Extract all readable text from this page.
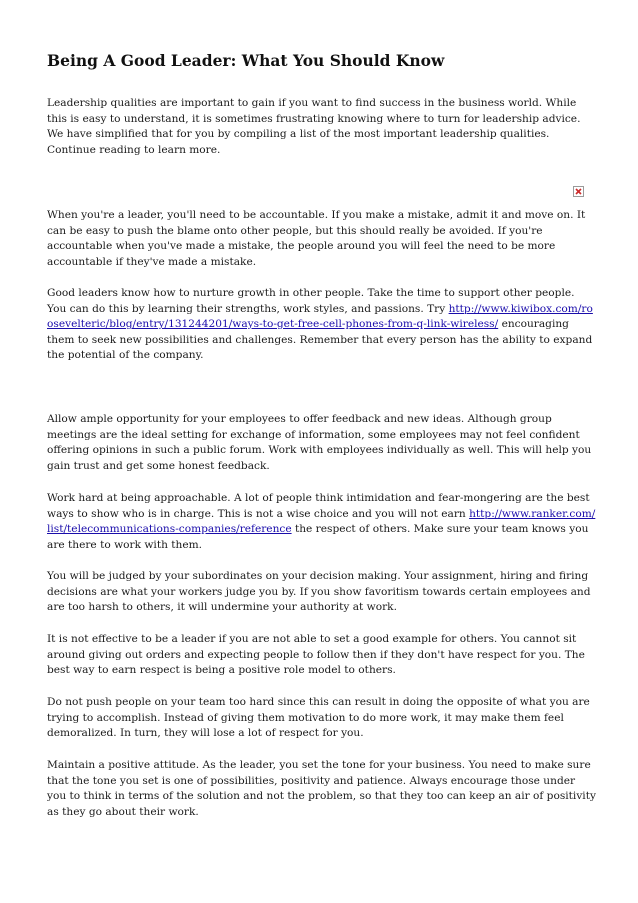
Being A Good Leader: What You Should Know

Leadership qualities are important to gain if you want to find success in the business world. While this is easy to understand, it is sometimes frustrating knowing where to turn for leadership advice. We have simplified that for you by compiling a list of the most important leadership qualities. Continue reading to learn more.

When you're a leader, you'll need to be accountable. If you make a mistake, admit it and move on. It can be easy to push the blame onto other people, but this should really be avoided. If you're accountable when you've made a mistake, the people around you will feel the need to be more accountable if they've made a mistake.

Good leaders know how to nurture growth in other people. Take the time to support other people. You can do this by learning their strengths, work styles, and passions. Try http://www.kiwibox.com/roosevelteric/blog/entry/131244201/ways-to-get-free-cell-phones-from-q-link-wireless/ encouraging them to seek new possibilities and challenges. Remember that every person has the ability to expand the potential of the company.

Allow ample opportunity for your employees to offer feedback and new ideas. Although group meetings are the ideal setting for exchange of information, some employees may not feel confident offering opinions in such a public forum. Work with employees individually as well. This will help you gain trust and get some honest feedback.

Work hard at being approachable. A lot of people think intimidation and fear-mongering are the best ways to show who is in charge. This is not a wise choice and you will not earn http://www.ranker.com/list/telecommunications-companies/reference the respect of others. Make sure your team knows you are there to work with them.

You will be judged by your subordinates on your decision making. Your assignment, hiring and firing decisions are what your workers judge you by. If you show favoritism towards certain employees and are too harsh to others, it will undermine your authority at work.

It is not effective to be a leader if you are not able to set a good example for others. You cannot sit around giving out orders and expecting people to follow then if they don't have respect for you. The best way to earn respect is being a positive role model to others.

Do not push people on your team too hard since this can result in doing the opposite of what you are trying to accomplish. Instead of giving them motivation to do more work, it may make them feel demoralized. In turn, they will lose a lot of respect for you.

Maintain a positive attitude. As the leader, you set the tone for your business. You need to make sure that the tone you set is one of possibilities, positivity and patience. Always encourage those under you to think in terms of the solution and not the problem, so that they too can keep an air of positivity as they go about their work.
